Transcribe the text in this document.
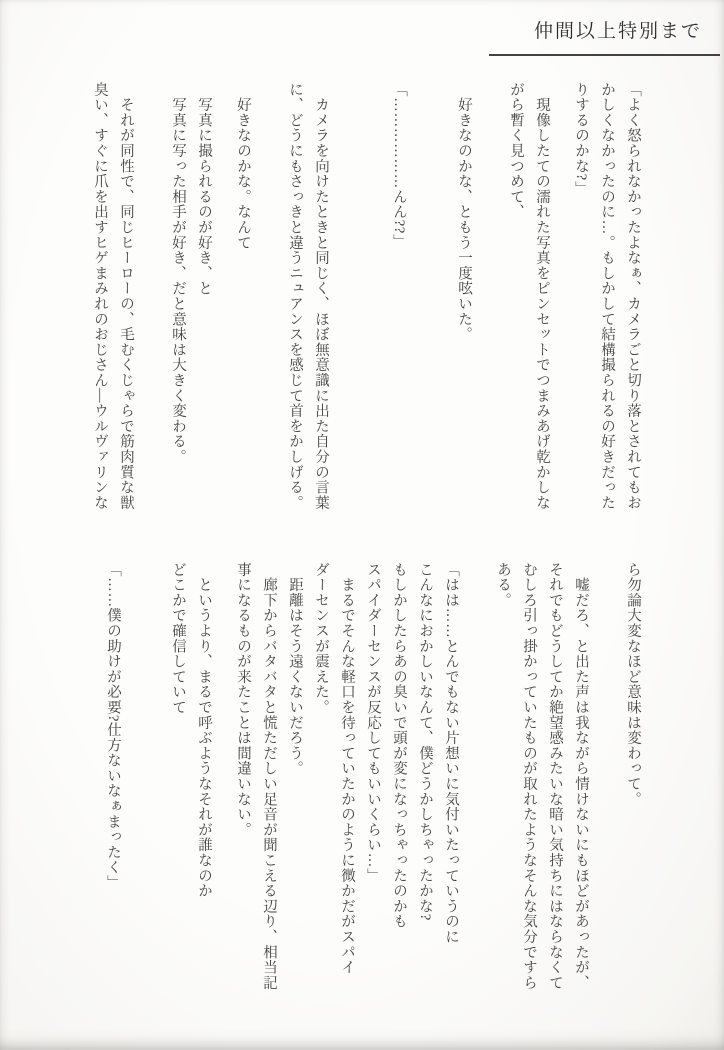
仲間以上特別まで

「よく怒られなかったよなぁ、カメラごと切り落とされてもお

かしくなかったのに…。もしかして結構撮られるの好きだった

りするのかな?」

　現像したての濡れた写真をピンセットでつまみあげ乾かしな

がら暫く見つめて、

　好きなのかな、ともう一度呟いた。

「………………んん??」

　カメラを向けたときと同じく、ほぼ無意識に出た自分の言葉

に、どうにもさっきと違うニュアンスを感じて首をかしげる。

　好きなのかな。なんて

　写真に撮られるのが好き、と

　写真に写った相手が好き、だと意味は大きく変わる。

　それが同性で、同じヒーローの、毛むくじゃらで筋肉質な獣

臭い、すぐに爪を出すヒゲまみれのおじさん―ウルヴァリンな

ら勿論大変なほど意味は変わって。

　嘘だろ、と出た声は我ながら情けないにもほどがあったが、

それでもどうしてか絶望感みたいな暗い気持ちにはならなくて

むしろ引っ掛かっていたものが取れたようなそんな気分ですら

ある。

「はは……とんでもない片想いに気付いたっていうのに

こんなにおかしいなんて、僕どうかしちゃったかな?

もしかしたらあの臭いで頭が変になっちゃったのかも

スパイダーセンスが反応してもいいくらい…」

　まるでそんな軽口を待っていたかのように微かだがスパイ

ダーセンスが震えた。

　距離はそう遠くないだろう。

　廊下からバタバタと慌ただしい足音が聞こえる辺り、相当記

事になるものが来たことは間違いない。

　というより、まるで呼ぶようなそれが誰なのか

どこかで確信していて

「……僕の助けが必要?仕方ないなぁまったく」
